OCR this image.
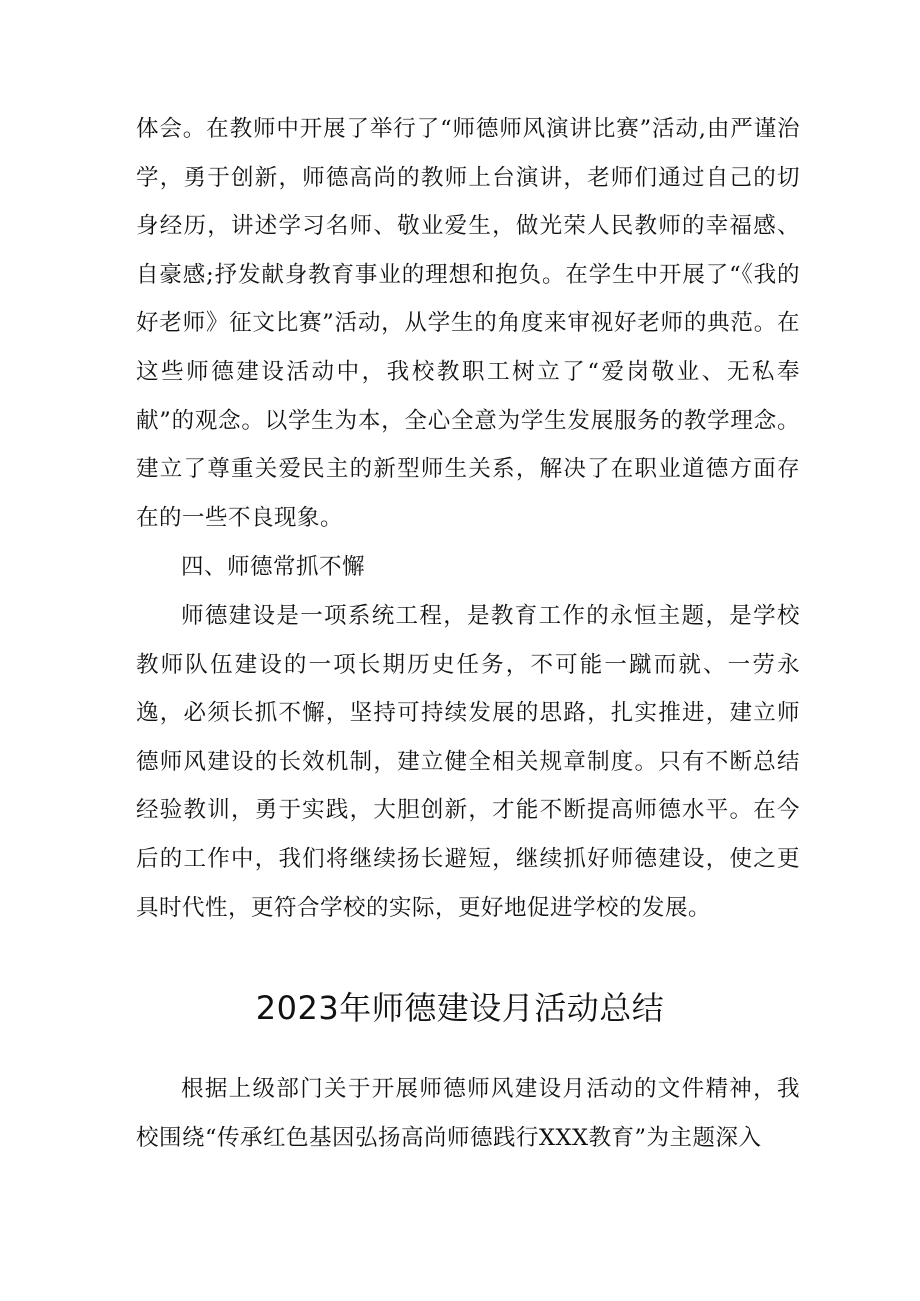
体会。在教师中开展了举行了“师德师风演讲比赛”活动,由严谨治学，勇于创新，师德高尚的教师上台演讲，老师们通过自己的切身经历，讲述学习名师、敬业爱生，做光荣人民教师的幸福感、自豪感;抒发献身教育事业的理想和抱负。在学生中开展了“《我的好老师》征文比赛”活动，从学生的角度来审视好老师的典范。在这些师德建设活动中，我校教职工树立了“爱岗敬业、无私奉献”的观念。以学生为本，全心全意为学生发展服务的教学理念。建立了尊重关爱民主的新型师生关系，解决了在职业道德方面存在的一些不良现象。

四、师德常抓不懈

师德建设是一项系统工程，是教育工作的永恒主题，是学校教师队伍建设的一项长期历史任务，不可能一蹴而就、一劳永逸，必须长抓不懈，坚持可持续发展的思路，扎实推进，建立师德师风建设的长效机制，建立健全相关规章制度。只有不断总结经验教训，勇于实践，大胆创新，才能不断提高师德水平。在今后的工作中，我们将继续扬长避短，继续抓好师德建设，使之更具时代性，更符合学校的实际，更好地促进学校的发展。

2023年师德建设月活动总结

根据上级部门关于开展师德师风建设月活动的文件精神，我校围绕“传承红色基因弘扬高尚师德践行XXX教育”为主题深入
